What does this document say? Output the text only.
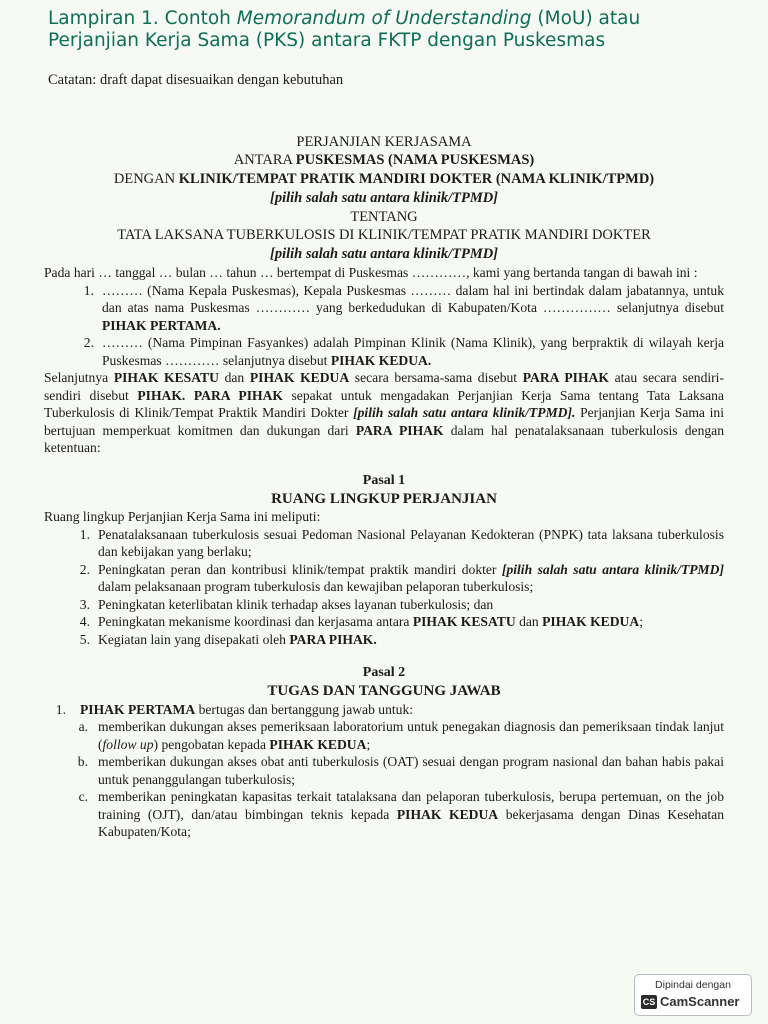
Lampiran 1. Contoh Memorandum of Understanding (MoU) atau
Perjanjian Kerja Sama (PKS) antara FKTP dengan Puskesmas
Catatan: draft dapat disesuaikan dengan kebutuhan
PERJANJIAN KERJASAMA
ANTARA PUSKESMAS (NAMA PUSKESMAS)
DENGAN KLINIK/TEMPAT PRATIK MANDIRI DOKTER (NAMA KLINIK/TPMD)
[pilih salah satu antara klinik/TPMD]
TENTANG
TATA LAKSANA TUBERKULOSIS DI KLINIK/TEMPAT PRATIK MANDIRI DOKTER
[pilih salah satu antara klinik/TPMD]

Pada hari … tanggal … bulan … tahun … bertempat di Puskesmas …………, kami yang bertanda tangan di bawah ini :

1. ……… (Nama Kepala Puskesmas), Kepala Puskesmas ……… dalam hal ini bertindak dalam jabatannya, untuk dan atas nama Puskesmas ………… yang berkedudukan di Kabupaten/Kota …………… selanjutnya disebut PIHAK PERTAMA.
2. ……… (Nama Pimpinan Fasyankes) adalah Pimpinan Klinik (Nama Klinik), yang berpraktik di wilayah kerja Puskesmas ………… selanjutnya disebut PIHAK KEDUA.

Selanjutnya PIHAK KESATU dan PIHAK KEDUA secara bersama-sama disebut PARA PIHAK atau secara sendiri-sendiri disebut PIHAK. PARA PIHAK sepakat untuk mengadakan Perjanjian Kerja Sama tentang Tata Laksana Tuberkulosis di Klinik/Tempat Praktik Mandiri Dokter [pilih salah satu antara klinik/TPMD]. Perjanjian Kerja Sama ini bertujuan memperkuat komitmen dan dukungan dari PARA PIHAK dalam hal penatalaksanaan tuberkulosis dengan ketentuan:

Pasal 1
RUANG LINGKUP PERJANJIAN

Ruang lingkup Perjanjian Kerja Sama ini meliputi:

1. Penatalaksanaan tuberkulosis sesuai Pedoman Nasional Pelayanan Kedokteran (PNPK) tata laksana tuberkulosis dan kebijakan yang berlaku;
2. Peningkatan peran dan kontribusi klinik/tempat praktik mandiri dokter [pilih salah satu antara klinik/TPMD] dalam pelaksanaan program tuberkulosis dan kewajiban pelaporan tuberkulosis;
3. Peningkatan keterlibatan klinik terhadap akses layanan tuberkulosis; dan
4. Peningkatan mekanisme koordinasi dan kerjasama antara PIHAK KESATU dan PIHAK KEDUA;
5. Kegiatan lain yang disepakati oleh PARA PIHAK.
Pasal 2
TUGAS DAN TANGGUNG JAWAB
1.	PIHAK PERTAMA bertugas dan bertanggung jawab untuk:
a. memberikan dukungan akses pemeriksaan laboratorium untuk penegakan diagnosis dan pemeriksaan tindak lanjut (follow up) pengobatan kepada PIHAK KEDUA;
b. memberikan dukungan akses obat anti tuberkulosis (OAT) sesuai dengan program nasional dan bahan habis pakai untuk penanggulangan tuberkulosis;
c. memberikan peningkatan kapasitas terkait tatalaksana dan pelaporan tuberkulosis, berupa pertemuan, on the job training (OJT), dan/atau bimbingan teknis kepada PIHAK KEDUA bekerjasama dengan Dinas Kesehatan Kabupaten/Kota;
Dipindai dengan
CS CamScanner
